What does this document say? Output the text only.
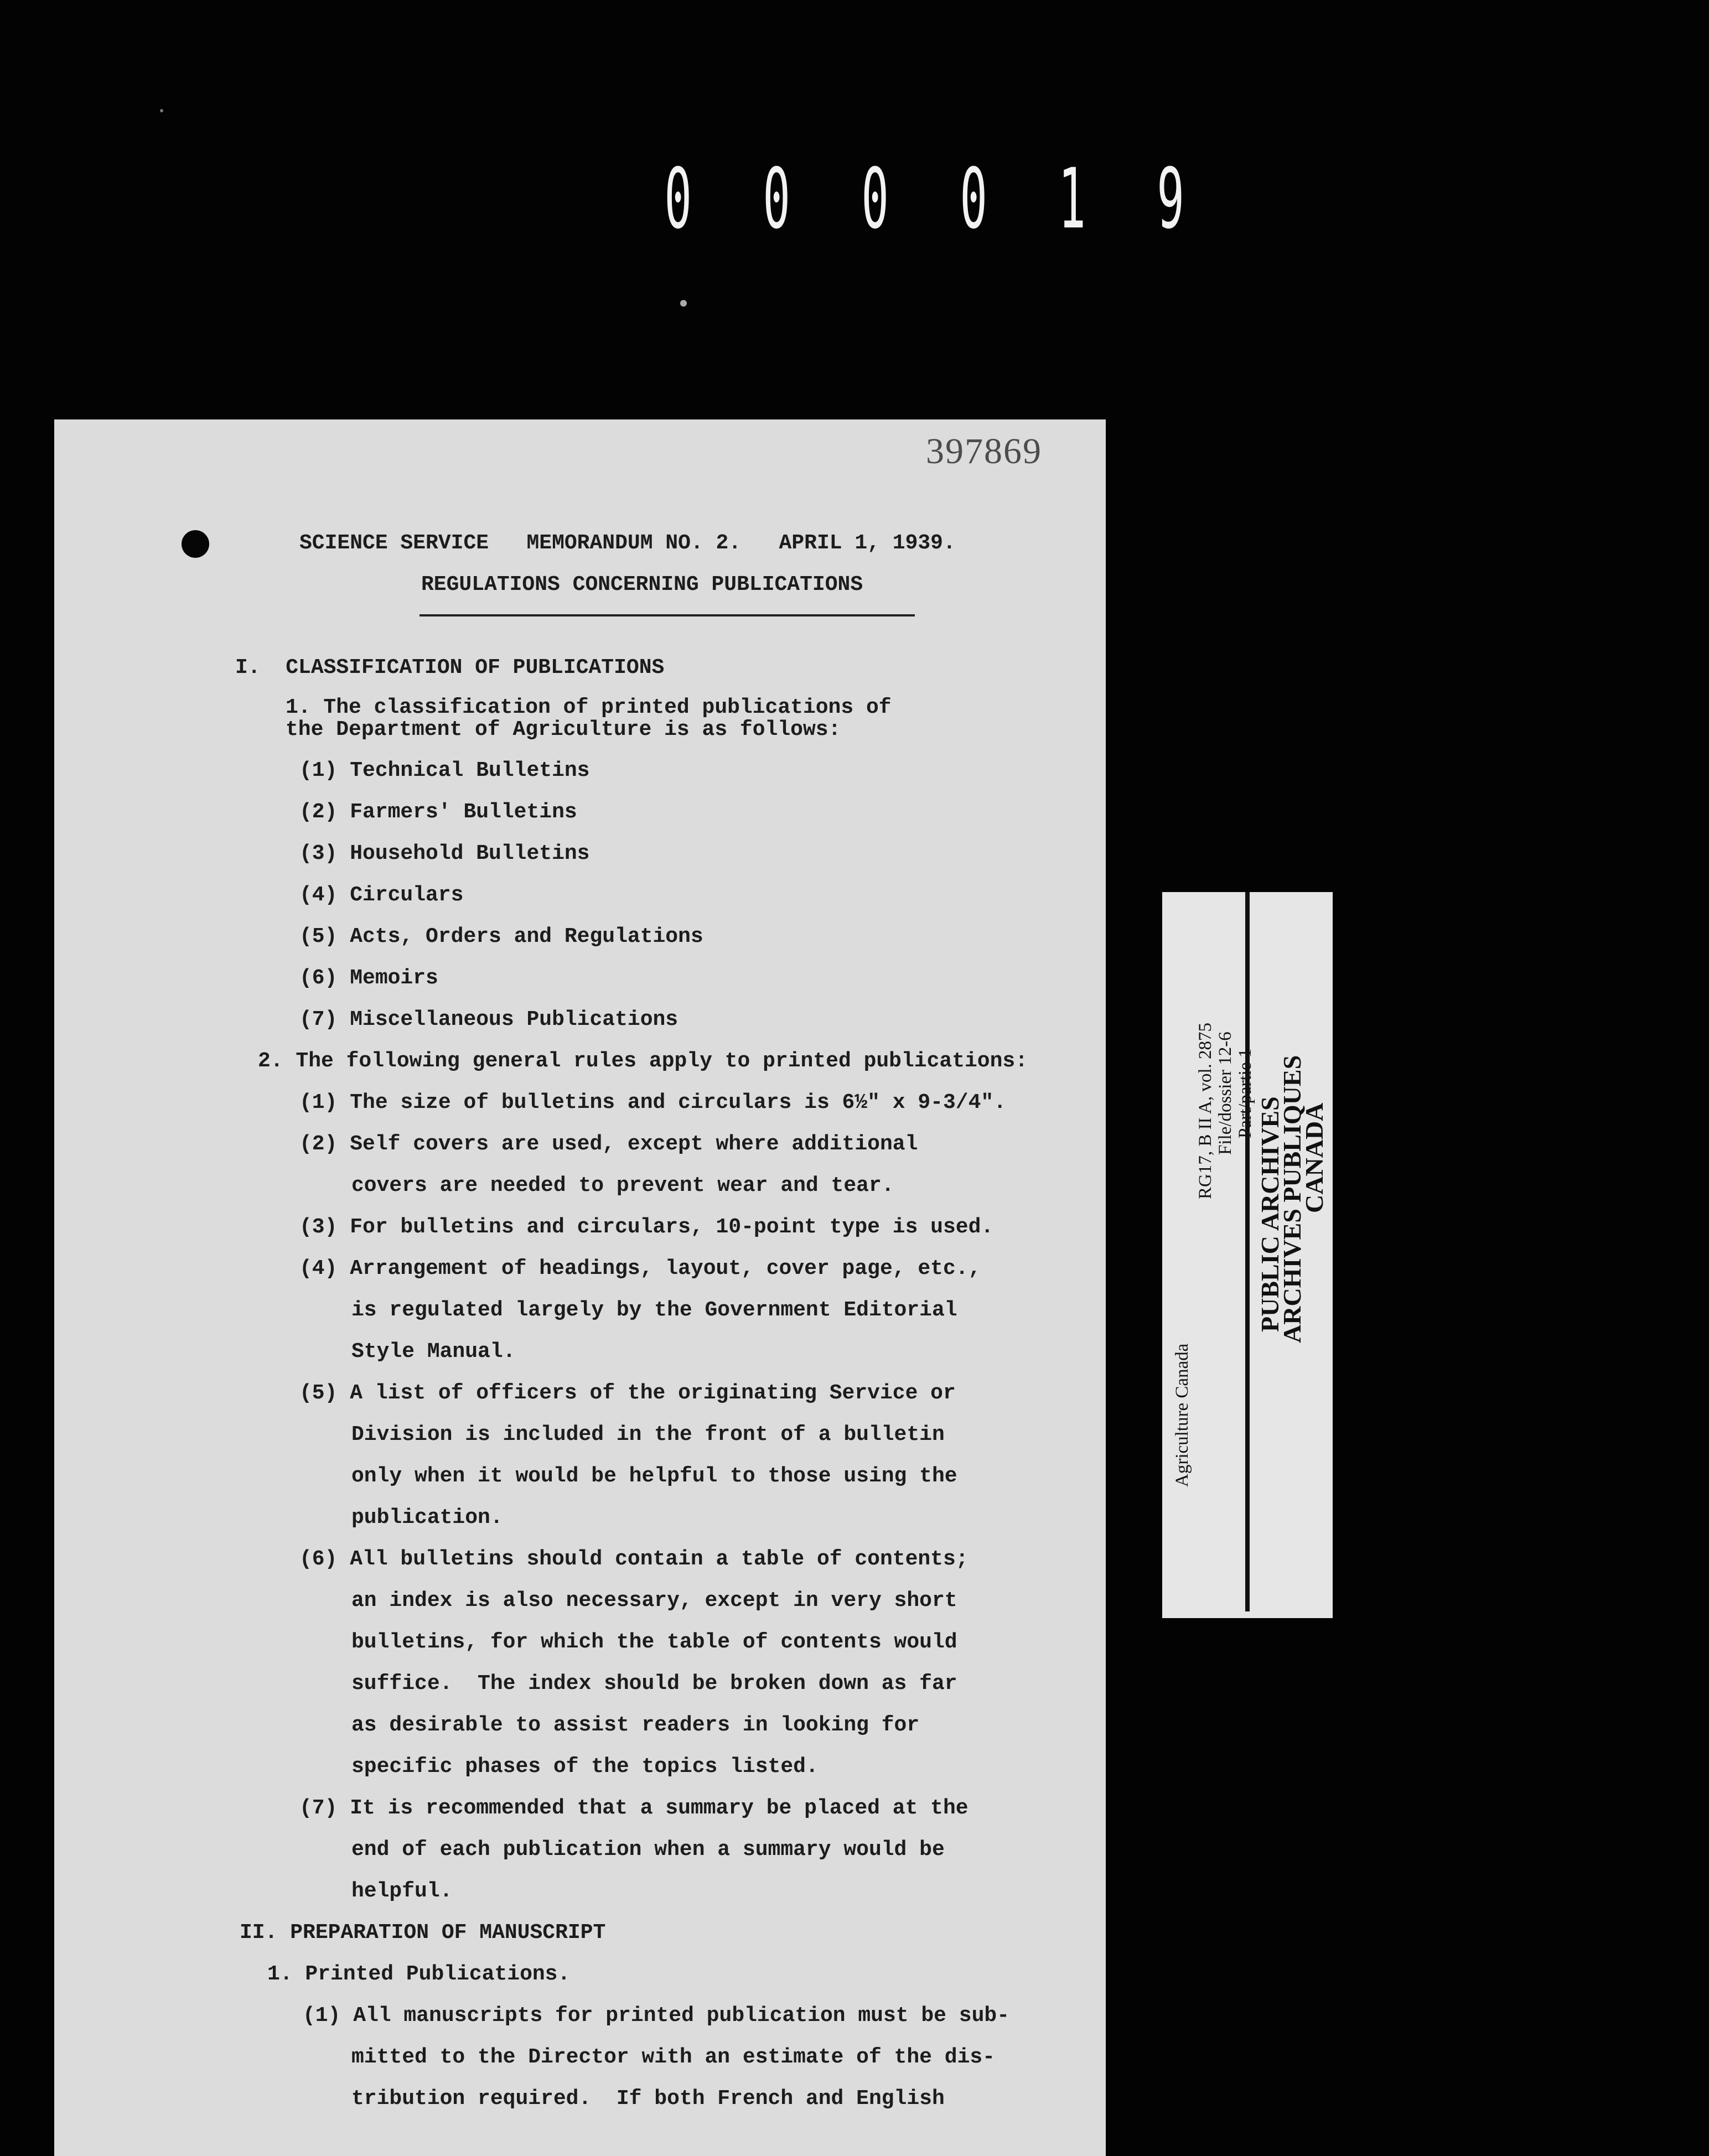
0 0 0 0 1 9
397869
SCIENCE SERVICE   MEMORANDUM NO. 2.   APRIL 1, 1939.
REGULATIONS CONCERNING PUBLICATIONS
I.  CLASSIFICATION OF PUBLICATIONS
1. The classification of printed publications of
the Department of Agriculture is as follows:
(1) Technical Bulletins
(2) Farmers' Bulletins
(3) Household Bulletins
(4) Circulars
(5) Acts, Orders and Regulations
(6) Memoirs
(7) Miscellaneous Publications
2. The following general rules apply to printed publications:
(1) The size of bulletins and circulars is 6½" x 9-3/4".
(2) Self covers are used, except where additional
covers are needed to prevent wear and tear.
(3) For bulletins and circulars, 10-point type is used.
(4) Arrangement of headings, layout, cover page, etc.,
is regulated largely by the Government Editorial
Style Manual.
(5) A list of officers of the originating Service or
Division is included in the front of a bulletin
only when it would be helpful to those using the
publication.
(6) All bulletins should contain a table of contents;
an index is also necessary, except in very short
bulletins, for which the table of contents would
suffice.  The index should be broken down as far
as desirable to assist readers in looking for
specific phases of the topics listed.
(7) It is recommended that a summary be placed at the
end of each publication when a summary would be
helpful.
II. PREPARATION OF MANUSCRIPT
1. Printed Publications.
(1) All manuscripts for printed publication must be sub-
mitted to the Director with an estimate of the dis-
tribution required.  If both French and English
Agriculture Canada
RG17, B II A, vol. 2875 File/dossier 12-6 Part/partie 1
PUBLIC ARCHIVES
ARCHIVES PUBLIQUES
CANADA
